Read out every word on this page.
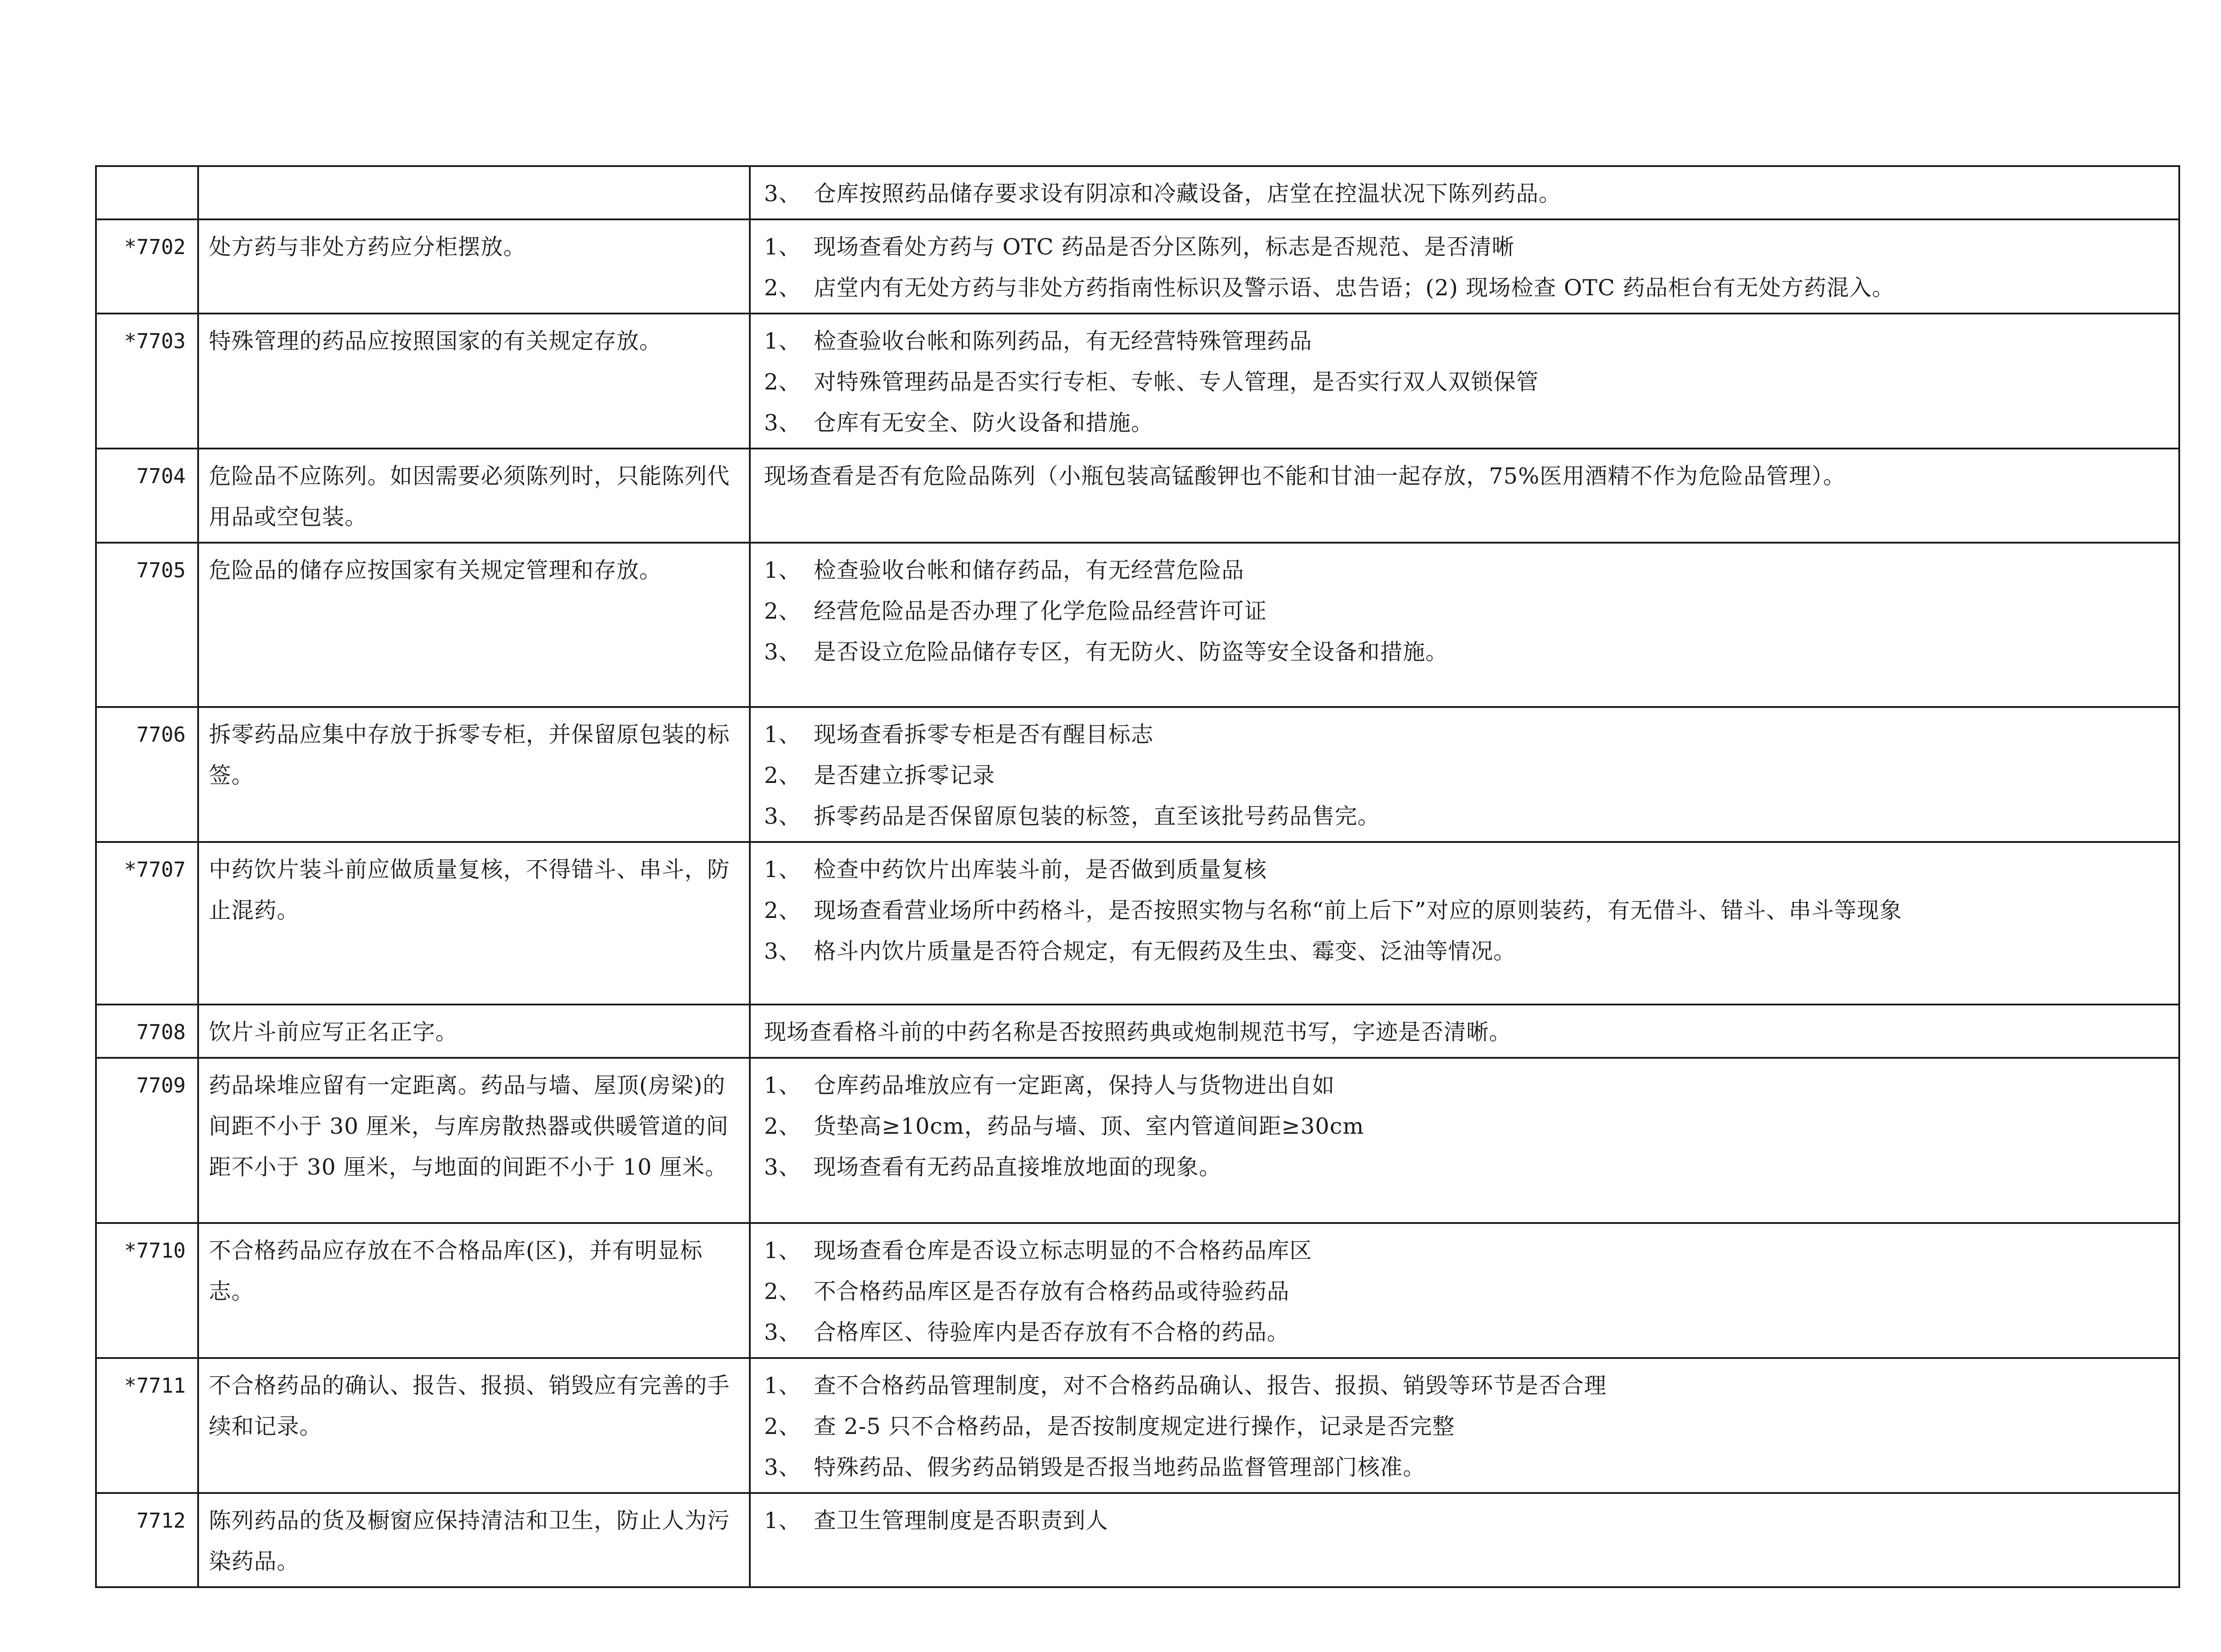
		3、 仓库按照药品储存要求设有阴凉和冷藏设备，店堂在控温状况下陈列药品。

*7702	处方药与非处方药应分柜摆放。	1、 现场查看处方药与 OTC 药品是否分区陈列，标志是否规范、是否清晰
2、 店堂内有无处方药与非处方药指南性标识及警示语、忠告语；(2) 现场检查 OTC 药品柜台有无处方药混入。

*7703	特殊管理的药品应按照国家的有关规定存放。	1、 检查验收台帐和陈列药品，有无经营特殊管理药品
2、 对特殊管理药品是否实行专柜、专帐、专人管理，是否实行双人双锁保管
3、 仓库有无安全、防火设备和措施。

7704	危险品不应陈列。如因需要必须陈列时，只能陈列代用品或空包装。	现场查看是否有危险品陈列（小瓶包装高锰酸钾也不能和甘油一起存放，75%医用酒精不作为危险品管理）。

7705	危险品的储存应按国家有关规定管理和存放。	1、 检查验收台帐和储存药品，有无经营危险品
2、 经营危险品是否办理了化学危险品经营许可证
3、 是否设立危险品储存专区，有无防火、防盗等安全设备和措施。

7706	拆零药品应集中存放于拆零专柜，并保留原包装的标签。	1、 现场查看拆零专柜是否有醒目标志
2、 是否建立拆零记录
3、 拆零药品是否保留原包装的标签，直至该批号药品售完。

*7707	中药饮片装斗前应做质量复核，不得错斗、串斗，防止混药。	1、 检查中药饮片出库装斗前，是否做到质量复核
2、 现场查看营业场所中药格斗，是否按照实物与名称“前上后下”对应的原则装药，有无借斗、错斗、串斗等现象
3、 格斗内饮片质量是否符合规定，有无假药及生虫、霉变、泛油等情况。

7708	饮片斗前应写正名正字。	现场查看格斗前的中药名称是否按照药典或炮制规范书写，字迹是否清晰。

7709	药品垛堆应留有一定距离。药品与墙、屋顶(房梁)的间距不小于 30 厘米，与库房散热器或供暖管道的间距不小于 30 厘米，与地面的间距不小于 10 厘米。	1、 仓库药品堆放应有一定距离，保持人与货物进出自如
2、 货垫高≥10cm，药品与墙、顶、室内管道间距≥30cm
3、 现场查看有无药品直接堆放地面的现象。

*7710	不合格药品应存放在不合格品库(区)，并有明显标志。	1、 现场查看仓库是否设立标志明显的不合格药品库区
2、 不合格药品库区是否存放有合格药品或待验药品
3、 合格库区、待验库内是否存放有不合格的药品。

*7711	不合格药品的确认、报告、报损、销毁应有完善的手续和记录。	1、 查不合格药品管理制度，对不合格药品确认、报告、报损、销毁等环节是否合理
2、 查 2-5 只不合格药品，是否按制度规定进行操作，记录是否完整
3、 特殊药品、假劣药品销毁是否报当地药品监督管理部门核准。

7712	陈列药品的货及橱窗应保持清洁和卫生，防止人为污染药品。	1、 查卫生管理制度是否职责到人
